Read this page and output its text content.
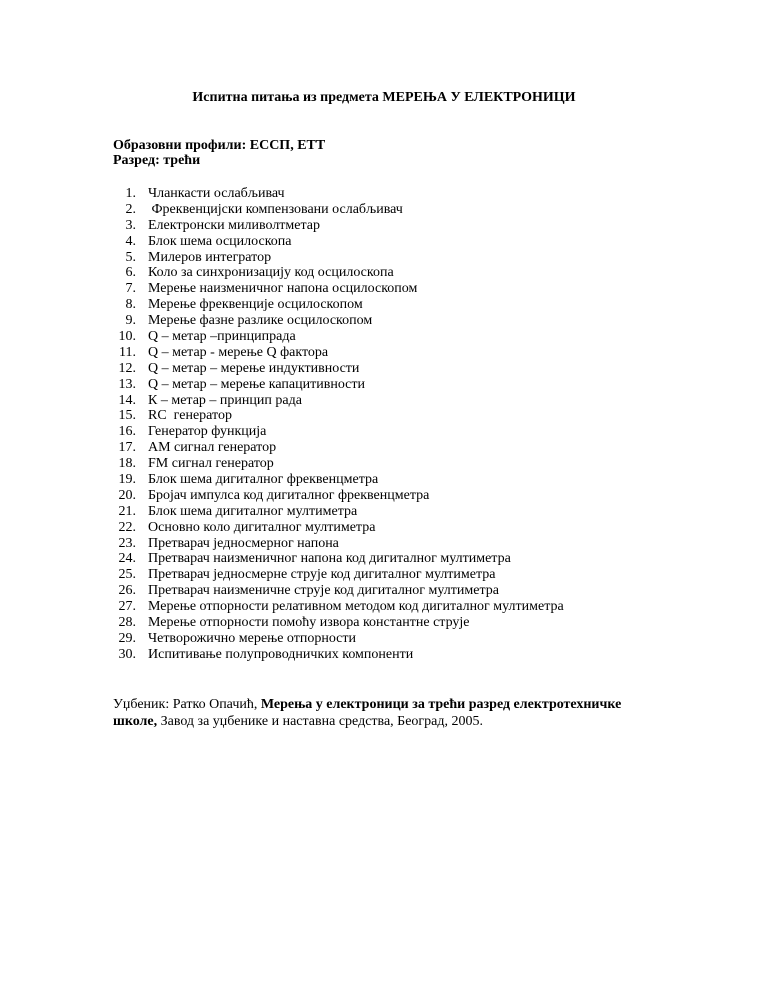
Испитна питања из предмета МЕРЕЊА У ЕЛЕКТРОНИЦИ
Образовни профили: ЕССП, ЕТТ
Разред: трећи
1. Чланкасти ослабљивач
2. Фреквенцијски компензовани ослабљивач
3. Електронски миливолтметар
4. Блок шема осцилоскопа
5. Милеров интегратор
6. Коло за синхронизацију код осцилоскопа
7. Мерење наизменичног напона осцилоскопом
8. Мерење фреквенције осцилоскопом
9. Мерење фазне разлике осцилоскопом
10. Q – метар –принципрада
11. Q – метар - мерење Q фактора
12. Q – метар – мерење индуктивности
13. Q – метар – мерење капацитивности
14. К – метар – принцип рада
15. RC  генератор
16. Генератор функција
17. АМ сигнал генератор
18. FM сигнал генератор
19. Блок шема дигиталног фреквенцметра
20. Бројач импулса код дигиталног фреквенцметра
21. Блок шема дигиталног мултиметра
22. Основно коло дигиталног мултиметра
23. Претварач једносмерног напона
24. Претварач наизменичног напона код дигиталног мултиметра
25. Претварач једносмерне струје код дигиталног мултиметра
26. Претварач наизменичне струје код дигиталног мултиметра
27. Мерење отпорности релативном методом код дигиталног мултиметра
28. Мерење отпорности помоћу извора константне струје
29. Четворожично мерење отпорности
30. Испитивање полупроводничких компоненти
Уџбеник: Ратко Опачић, Мерења у електроници за трећи разред електротехничке школе, Завод за уџбенике и наставна средства, Београд, 2005.
